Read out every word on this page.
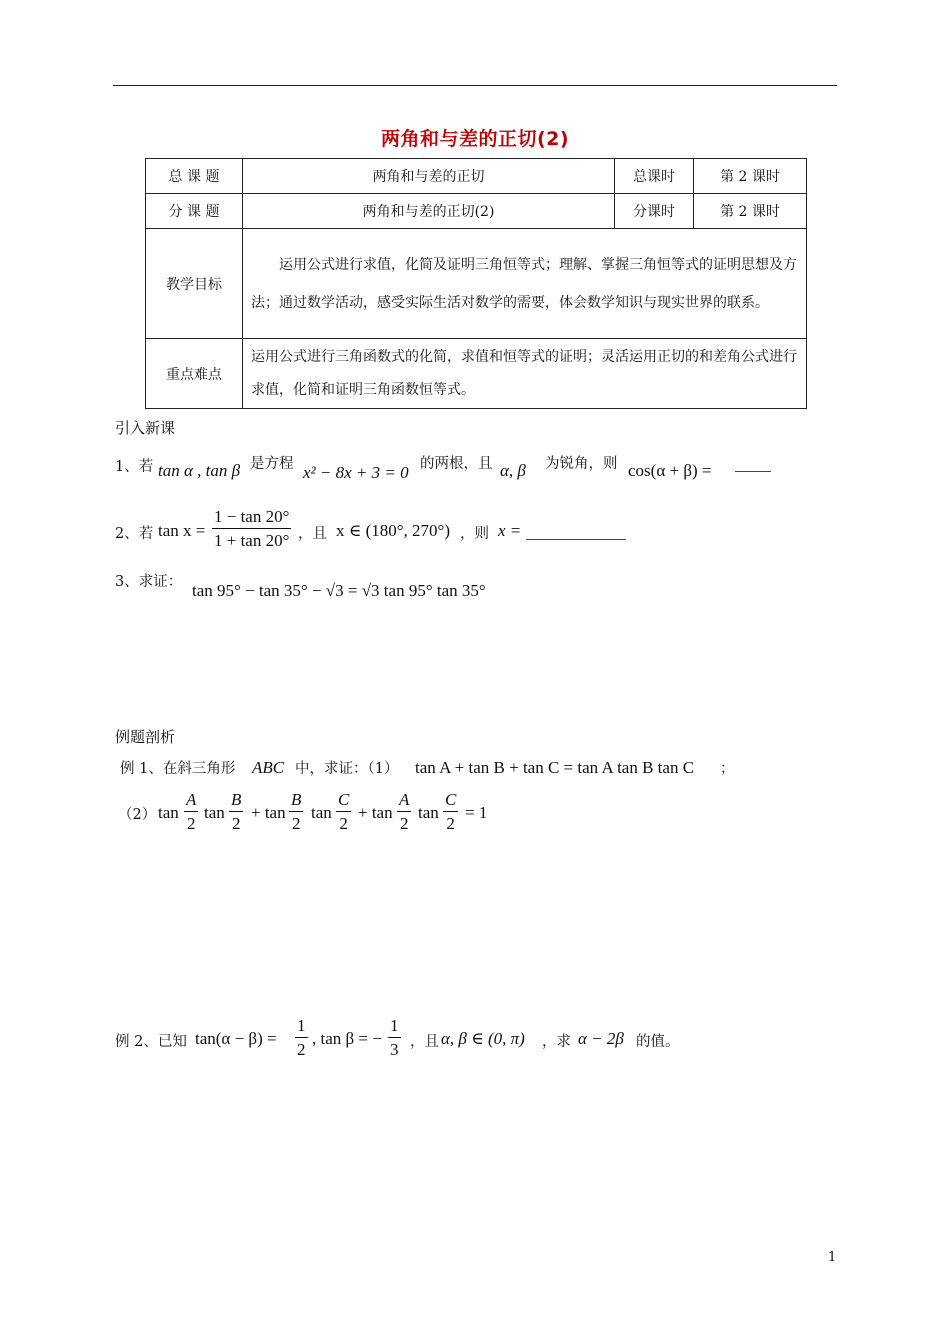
两角和与差的正切(2)
总 课 题	两角和与差的正切	总课时	第 2 课时
分 课 题	两角和与差的正切(2)	分课时	第 2 课时
教学目标	运用公式进行求值，化简及证明三角恒等式；理解、掌握三角恒等式的证明思想及方法；通过数学活动，感受实际生活对数学的需要，体会数学知识与现实世界的联系。		
重点难点	运用公式进行三角函数式的化简，求值和恒等式的证明；灵活运用正切的和差角公式进行求值，化简和证明三角函数恒等式。		
引入新课
1、若 tan α , tan β 是方程 x² − 8x + 3 = 0 的两根，且 α, β 为锐角，则 cos(α + β) =
2、若 $\tan x = \frac{1 - \tan 20^\circ}{1 + \tan 20^\circ}$ ，且 x ∈ (180°, 270°) ，则 x =
3、求证： tan 95° − tan 35° − √3 = √3 tan 95° tan 35°
例题剖析
例 1、在斜三角形 ABC 中，求证：（1） tan A + tan B + tan C = tan A tan B tan C ；
（2） $\tan \frac{A}{2}$ $\tan \frac{B}{2} + \tan \frac{B}{2}$ $\tan \frac{C}{2} + \tan \frac{A}{2}$ $\tan \frac{C}{2} = 1$
例 2、已知 $\tan(\alpha - \beta) = \frac{1}{2}$ , tan β = − $\frac{1}{3}$ ，且 α, β ∈ (0, π) ，求 α − 2β 的值。
1
